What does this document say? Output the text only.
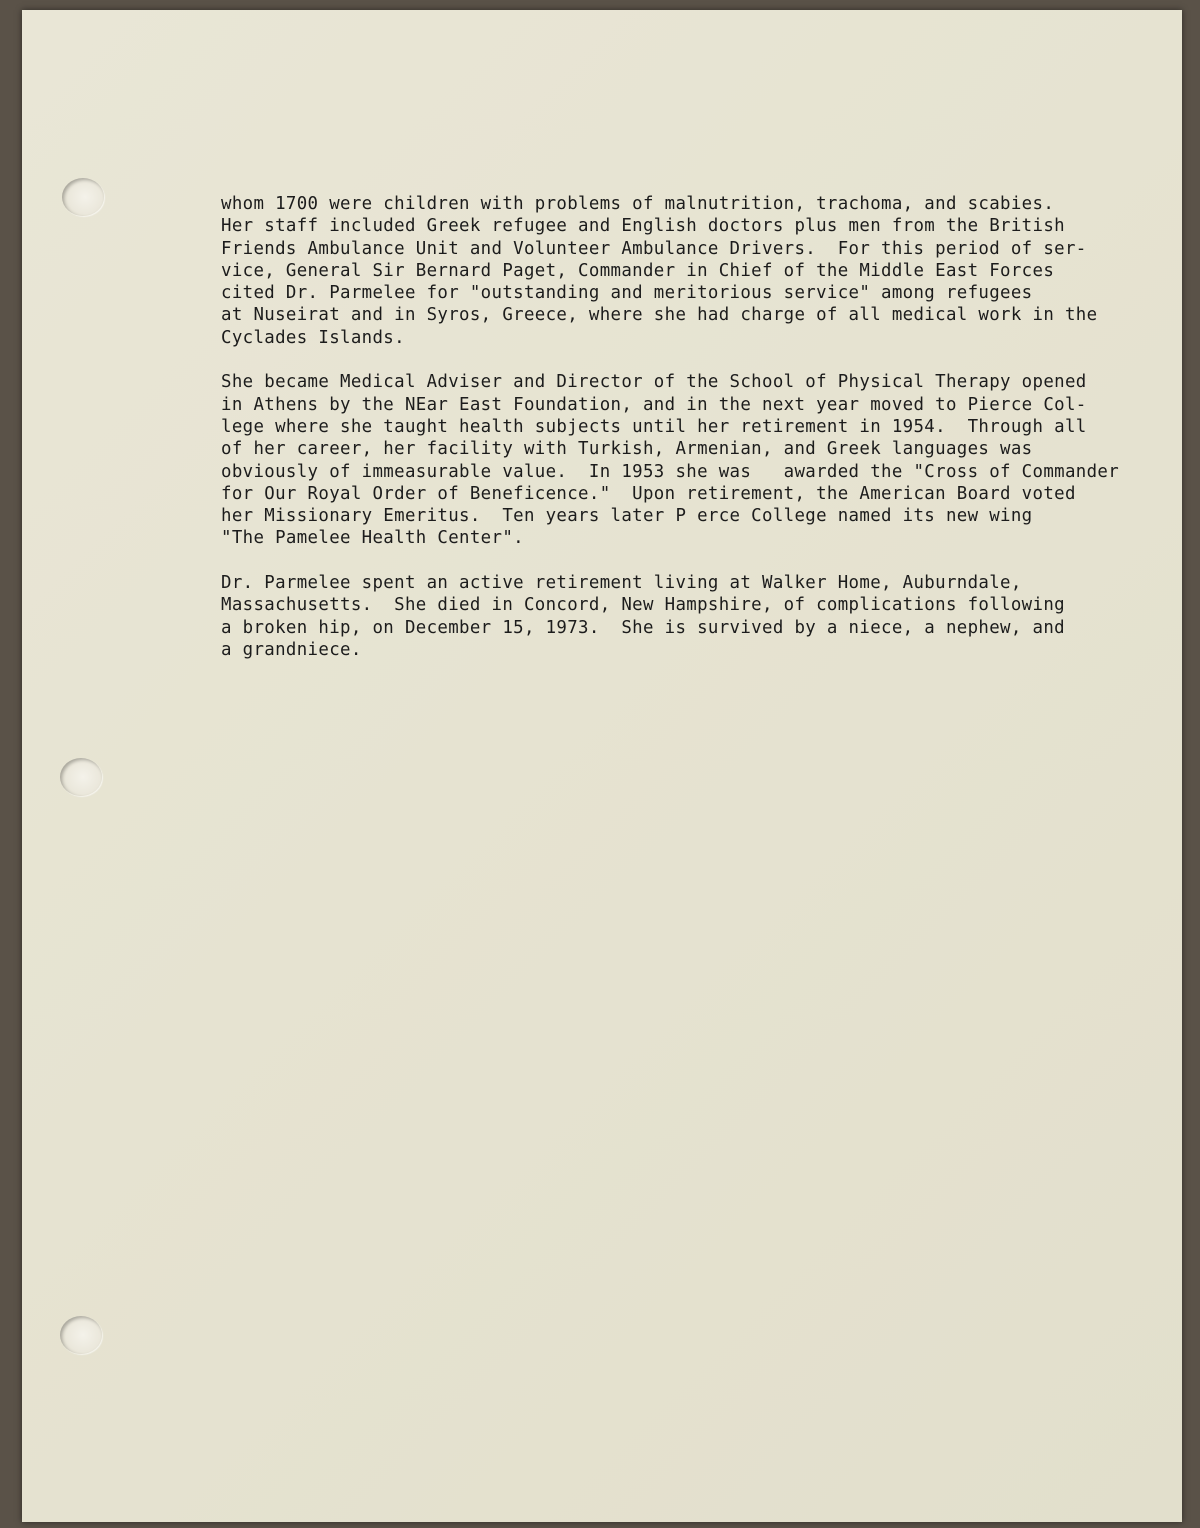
whom 1700 were children with problems of malnutrition, trachoma, and scabies.
Her staff included Greek refugee and English doctors plus men from the British
Friends Ambulance Unit and Volunteer Ambulance Drivers.  For this period of ser-
vice, General Sir Bernard Paget, Commander in Chief of the Middle East Forces
cited Dr. Parmelee for "outstanding and meritorious service" among refugees
at Nuseirat and in Syros, Greece, where she had charge of all medical work in the
Cyclades Islands.
She became Medical Adviser and Director of the School of Physical Therapy opened
in Athens by the NEar East Foundation, and in the next year moved to Pierce Col-
lege where she taught health subjects until her retirement in 1954.  Through all
of her career, her facility with Turkish, Armenian, and Greek languages was
obviously of immeasurable value.  In 1953 she was   awarded the "Cross of Commander
for Our Royal Order of Beneficence."  Upon retirement, the American Board voted
her Missionary Emeritus.  Ten years later P erce College named its new wing
"The Pamelee Health Center".
Dr. Parmelee spent an active retirement living at Walker Home, Auburndale,
Massachusetts.  She died in Concord, New Hampshire, of complications following
a broken hip, on December 15, 1973.  She is survived by a niece, a nephew, and
a grandniece.
